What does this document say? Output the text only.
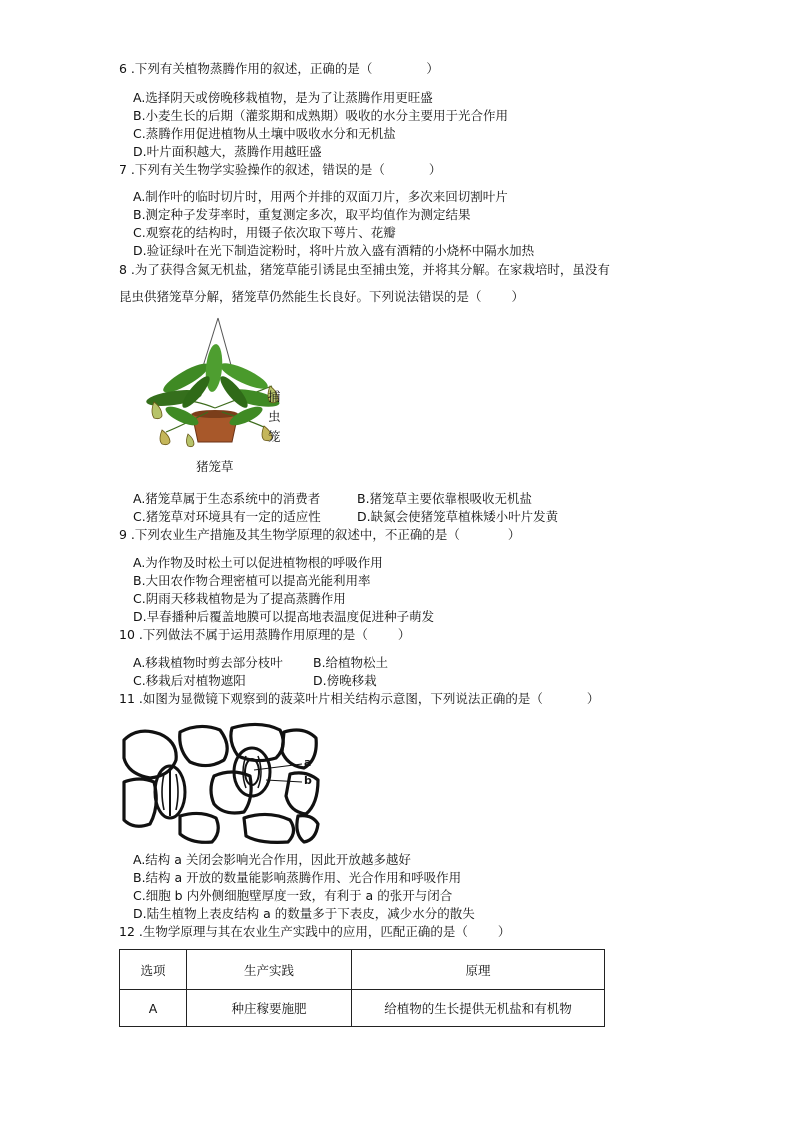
6 .下列有关植物蒸腾作用的叙述，正确的是（	）
A.选择阴天或傍晚移栽植物，是为了让蒸腾作用更旺盛
B.小麦生长的后期（灌浆期和成熟期）吸收的水分主要用于光合作用
C.蒸腾作用促进植物从土壤中吸收水分和无机盐
D.叶片面积越大，蒸腾作用越旺盛
7 .下列有关生物学实验操作的叙述，错误的是（	）
A.制作叶的临时切片时，用两个并排的双面刀片，多次来回切割叶片
B.测定种子发芽率时，重复测定多次，取平均值作为测定结果
C.观察花的结构时，用镊子依次取下萼片、花瓣
D.验证绿叶在光下制造淀粉时，将叶片放入盛有酒精的小烧杯中隔水加热
8 .为了获得含氮无机盐，猪笼草能引诱昆虫至捕虫笼，并将其分解。在家栽培时，虽没有
昆虫供猪笼草分解，猪笼草仍然能生长良好。下列说法错误的是（ ）
捕
虫
笼
猪笼草
A.猪笼草属于生态系统中的消费者	B.猪笼草主要依靠根吸收无机盐
C.猪笼草对环境具有一定的适应性	D.缺氮会使猪笼草植株矮小叶片发黄
9 .下列农业生产措施及其生物学原理的叙述中，不正确的是（	）
A.为作物及时松土可以促进植物根的呼吸作用
B.大田农作物合理密植可以提高光能利用率
C.阴雨天移栽植物是为了提高蒸腾作用
D.早春播种后覆盖地膜可以提高地表温度促进种子萌发
10 .下列做法不属于运用蒸腾作用原理的是（ ）
A.移栽植物时剪去部分枝叶 B.给植物松土
C.移栽后对植物遮阳	D.傍晚移栽
11 .如图为显微镜下观察到的菠菜叶片相关结构示意图，下列说法正确的是（	）
a
b
A.结构 a 关闭会影响光合作用，因此开放越多越好
B.结构 a 开放的数量能影响蒸腾作用、光合作用和呼吸作用
C.细胞 b 内外侧细胞壁厚度一致，有利于 a 的张开与闭合
D.陆生植物上表皮结构 a 的数量多于下表皮，减少水分的散失
12 .生物学原理与其在农业生产实践中的应用，匹配正确的是（ ）
选项	生产实践	原理
A	种庄稼要施肥	给植物的生长提供无机盐和有机物
